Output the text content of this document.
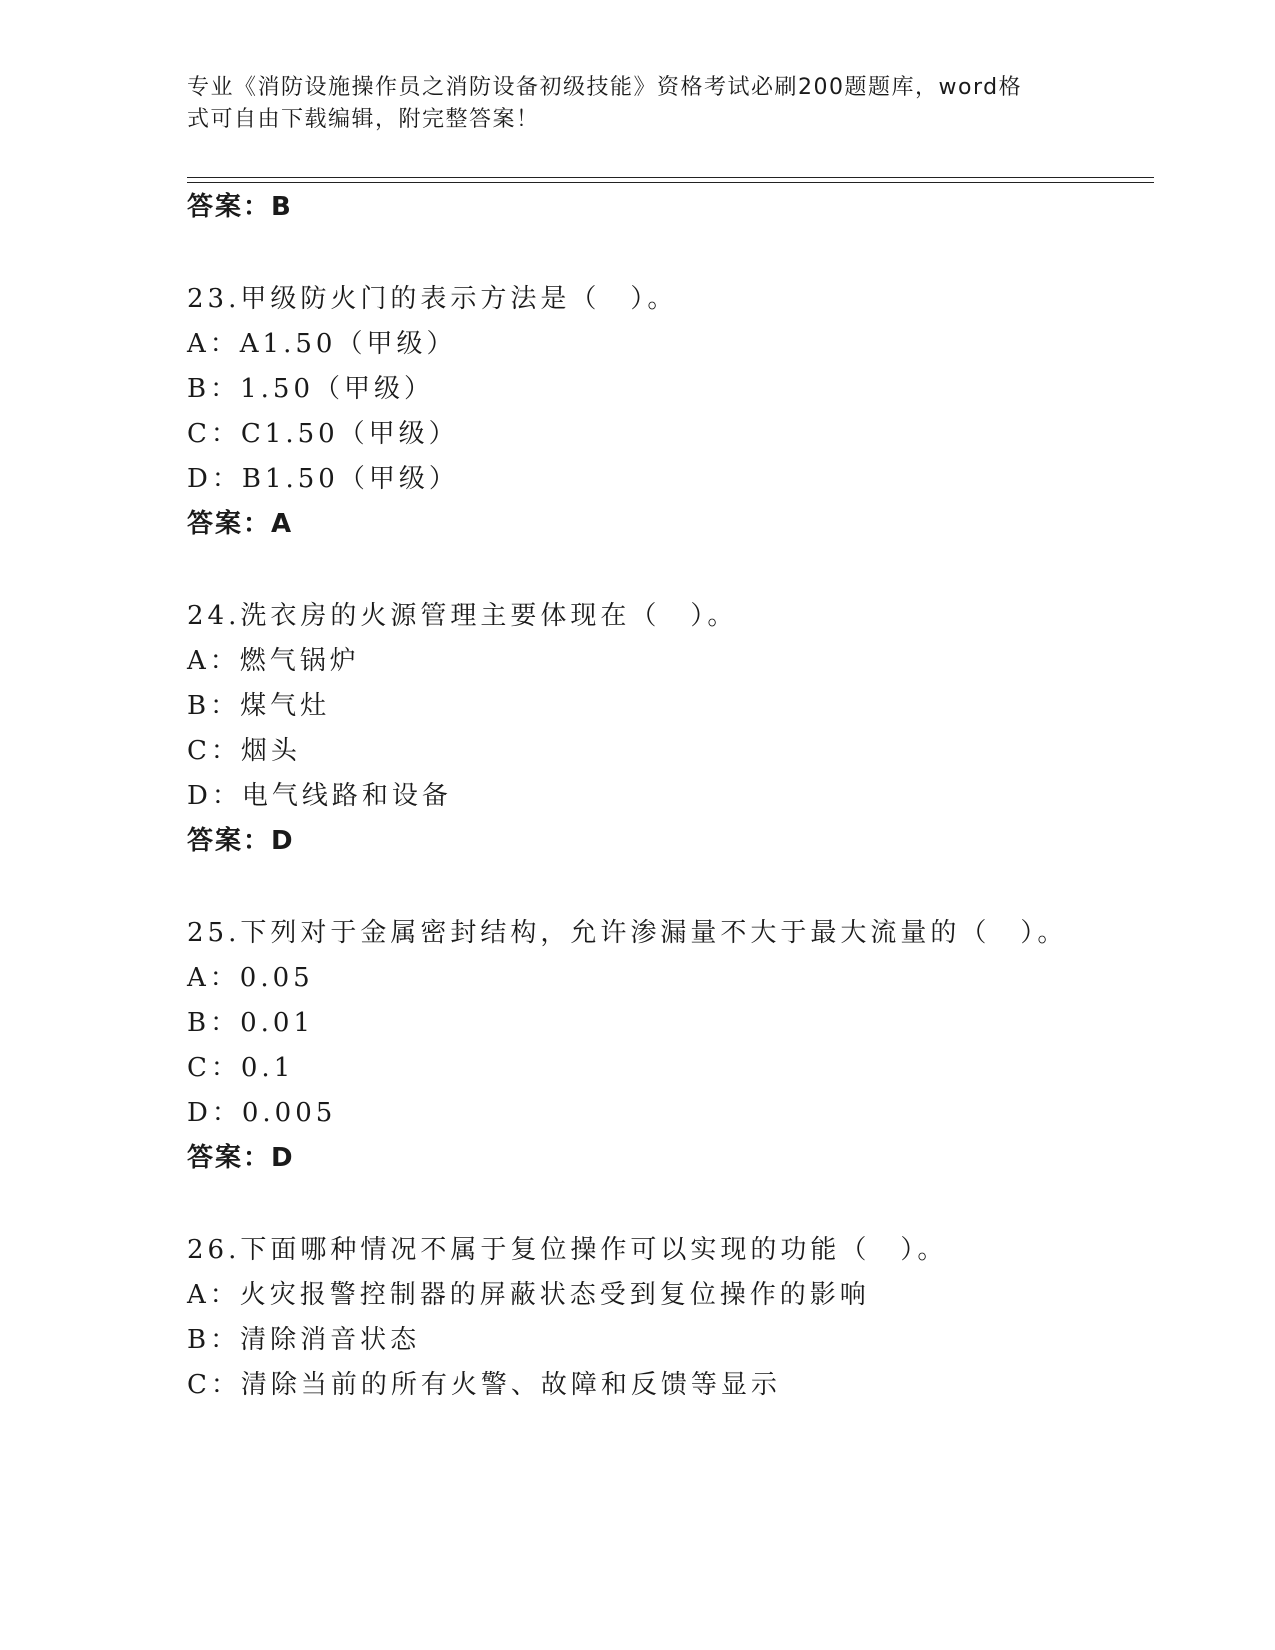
专业《消防设施操作员之消防设备初级技能》资格考试必刷200题题库，word格
式可自由下载编辑，附完整答案！
答案：B
23.甲级防火门的表示方法是（　）。
A：A1.50（甲级）
B：1.50（甲级）
C：C1.50（甲级）
D：B1.50（甲级）
答案：A
24.洗衣房的火源管理主要体现在（　）。
A：燃气锅炉
B：煤气灶
C：烟头
D：电气线路和设备
答案：D
25.下列对于金属密封结构，允许渗漏量不大于最大流量的（　）。
A：0.05
B：0.01
C：0.1
D：0.005
答案：D
26.下面哪种情况不属于复位操作可以实现的功能（　）。
A：火灾报警控制器的屏蔽状态受到复位操作的影响
B：清除消音状态
C：清除当前的所有火警、故障和反馈等显示
